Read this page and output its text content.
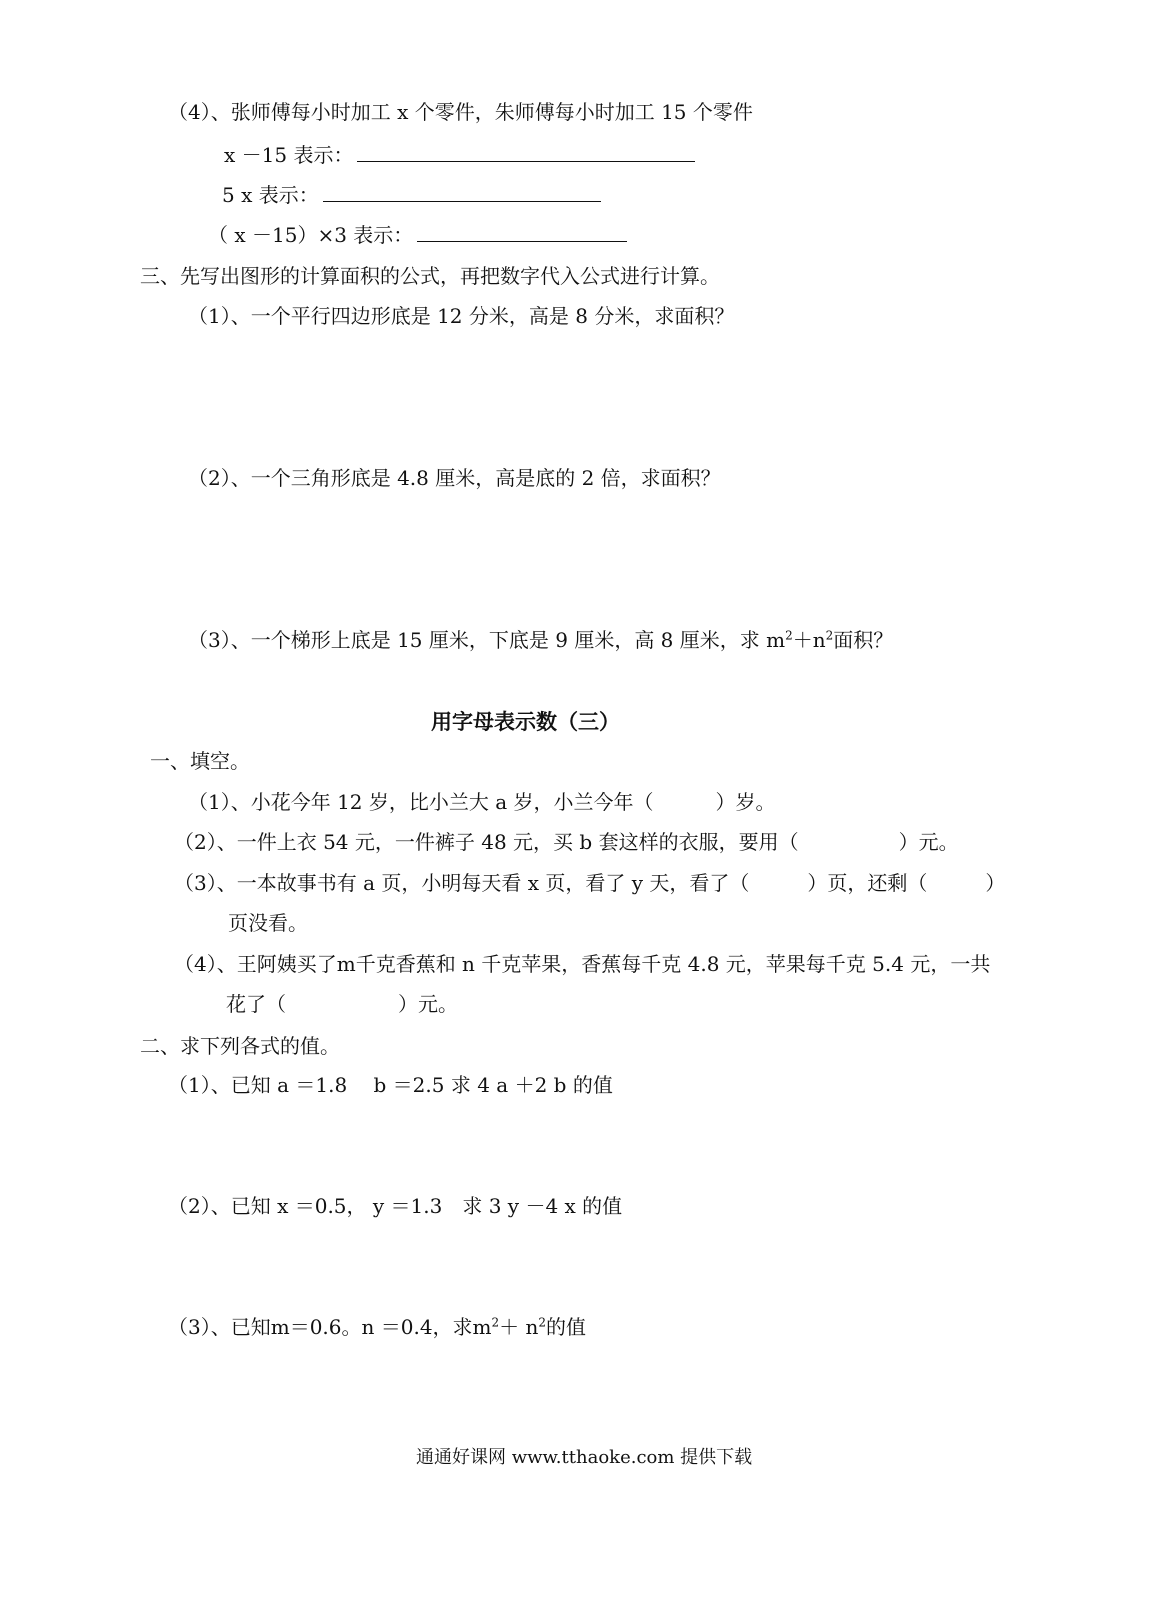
（4）、张师傅每小时加工 x 个零件，朱师傅每小时加工 15 个零件
x －15 表示：
5 x 表示：
（ x －15）×3 表示：
三、先写出图形的计算面积的公式，再把数字代入公式进行计算。
（1）、一个平行四边形底是 12 分米，高是 8 分米，求面积？
（2）、一个三角形底是 4.8 厘米，高是底的 2 倍，求面积？
（3）、一个梯形上底是 15 厘米，下底是 9 厘米，高 8 厘米，求 $m^2+n^2$面积？
用字母表示数（三）
一、填空。
（1）、小花今年 12 岁，比小兰大 a 岁，小兰今年（	）岁。
（2）、一件上衣 54 元，一件裤子 48 元，买 b 套这样的衣服，要用（	）元。
（3）、一本故事书有 a 页，小明每天看 x 页，看了 y 天，看了（	）页，还剩（	）
页没看。
（4）、王阿姨买了m千克香蕉和 n 千克苹果，香蕉每千克 4.8 元，苹果每千克 5.4 元，一共
花了（	）元。
二、求下列各式的值。
（1）、已知 a ＝1.8　 b ＝2.5 求 4 a ＋2 b 的值
（2）、已知 x ＝0.5， y ＝1.3　求 3 y －4 x 的值
（3）、已知m＝0.6。n ＝0.4，求$m^2+ n^2$的值
通通好课网 www.tthaoke.com 提供下载
